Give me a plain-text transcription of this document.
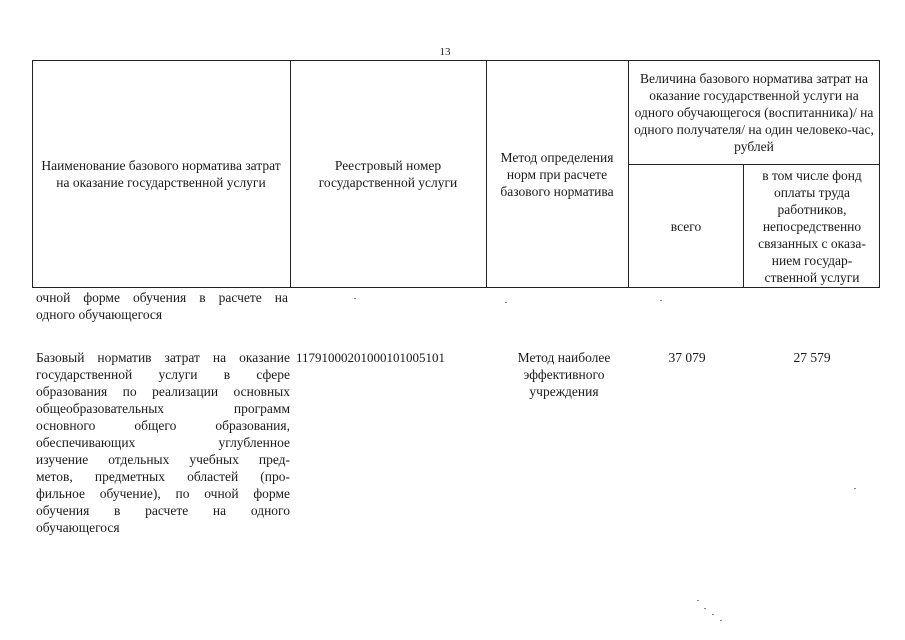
13
Наименование базового норматива затрат на оказание государственной услуги
Реестровый номер государственной услуги
Метод определения норм при расчете базового норматива
Величина базового норматива затрат на оказание государственной услуги на одного обучающегося (воспитанника)/ на одного получателя/ на один человеко-час, рублей
всего
в том числе фонд оплаты труда работников, непосредственно связанных с оказа-нием государ-ственной услуги
очной форме обучения в расчете на
одного обучающегося
Базовый норматив затрат на оказание
государственной услуги в сфере
образования по реализации основных
общеобразовательных программ
основного общего образования,
обеспечивающих углубленное
изучение отдельных учебных пред-
метов, предметных областей (про-
фильное обучение), по очной форме
обучения в расчете на одного
обучающегося
11791000201000101005101	Метод наиболее эффективного учреждения
37 079	27 579
